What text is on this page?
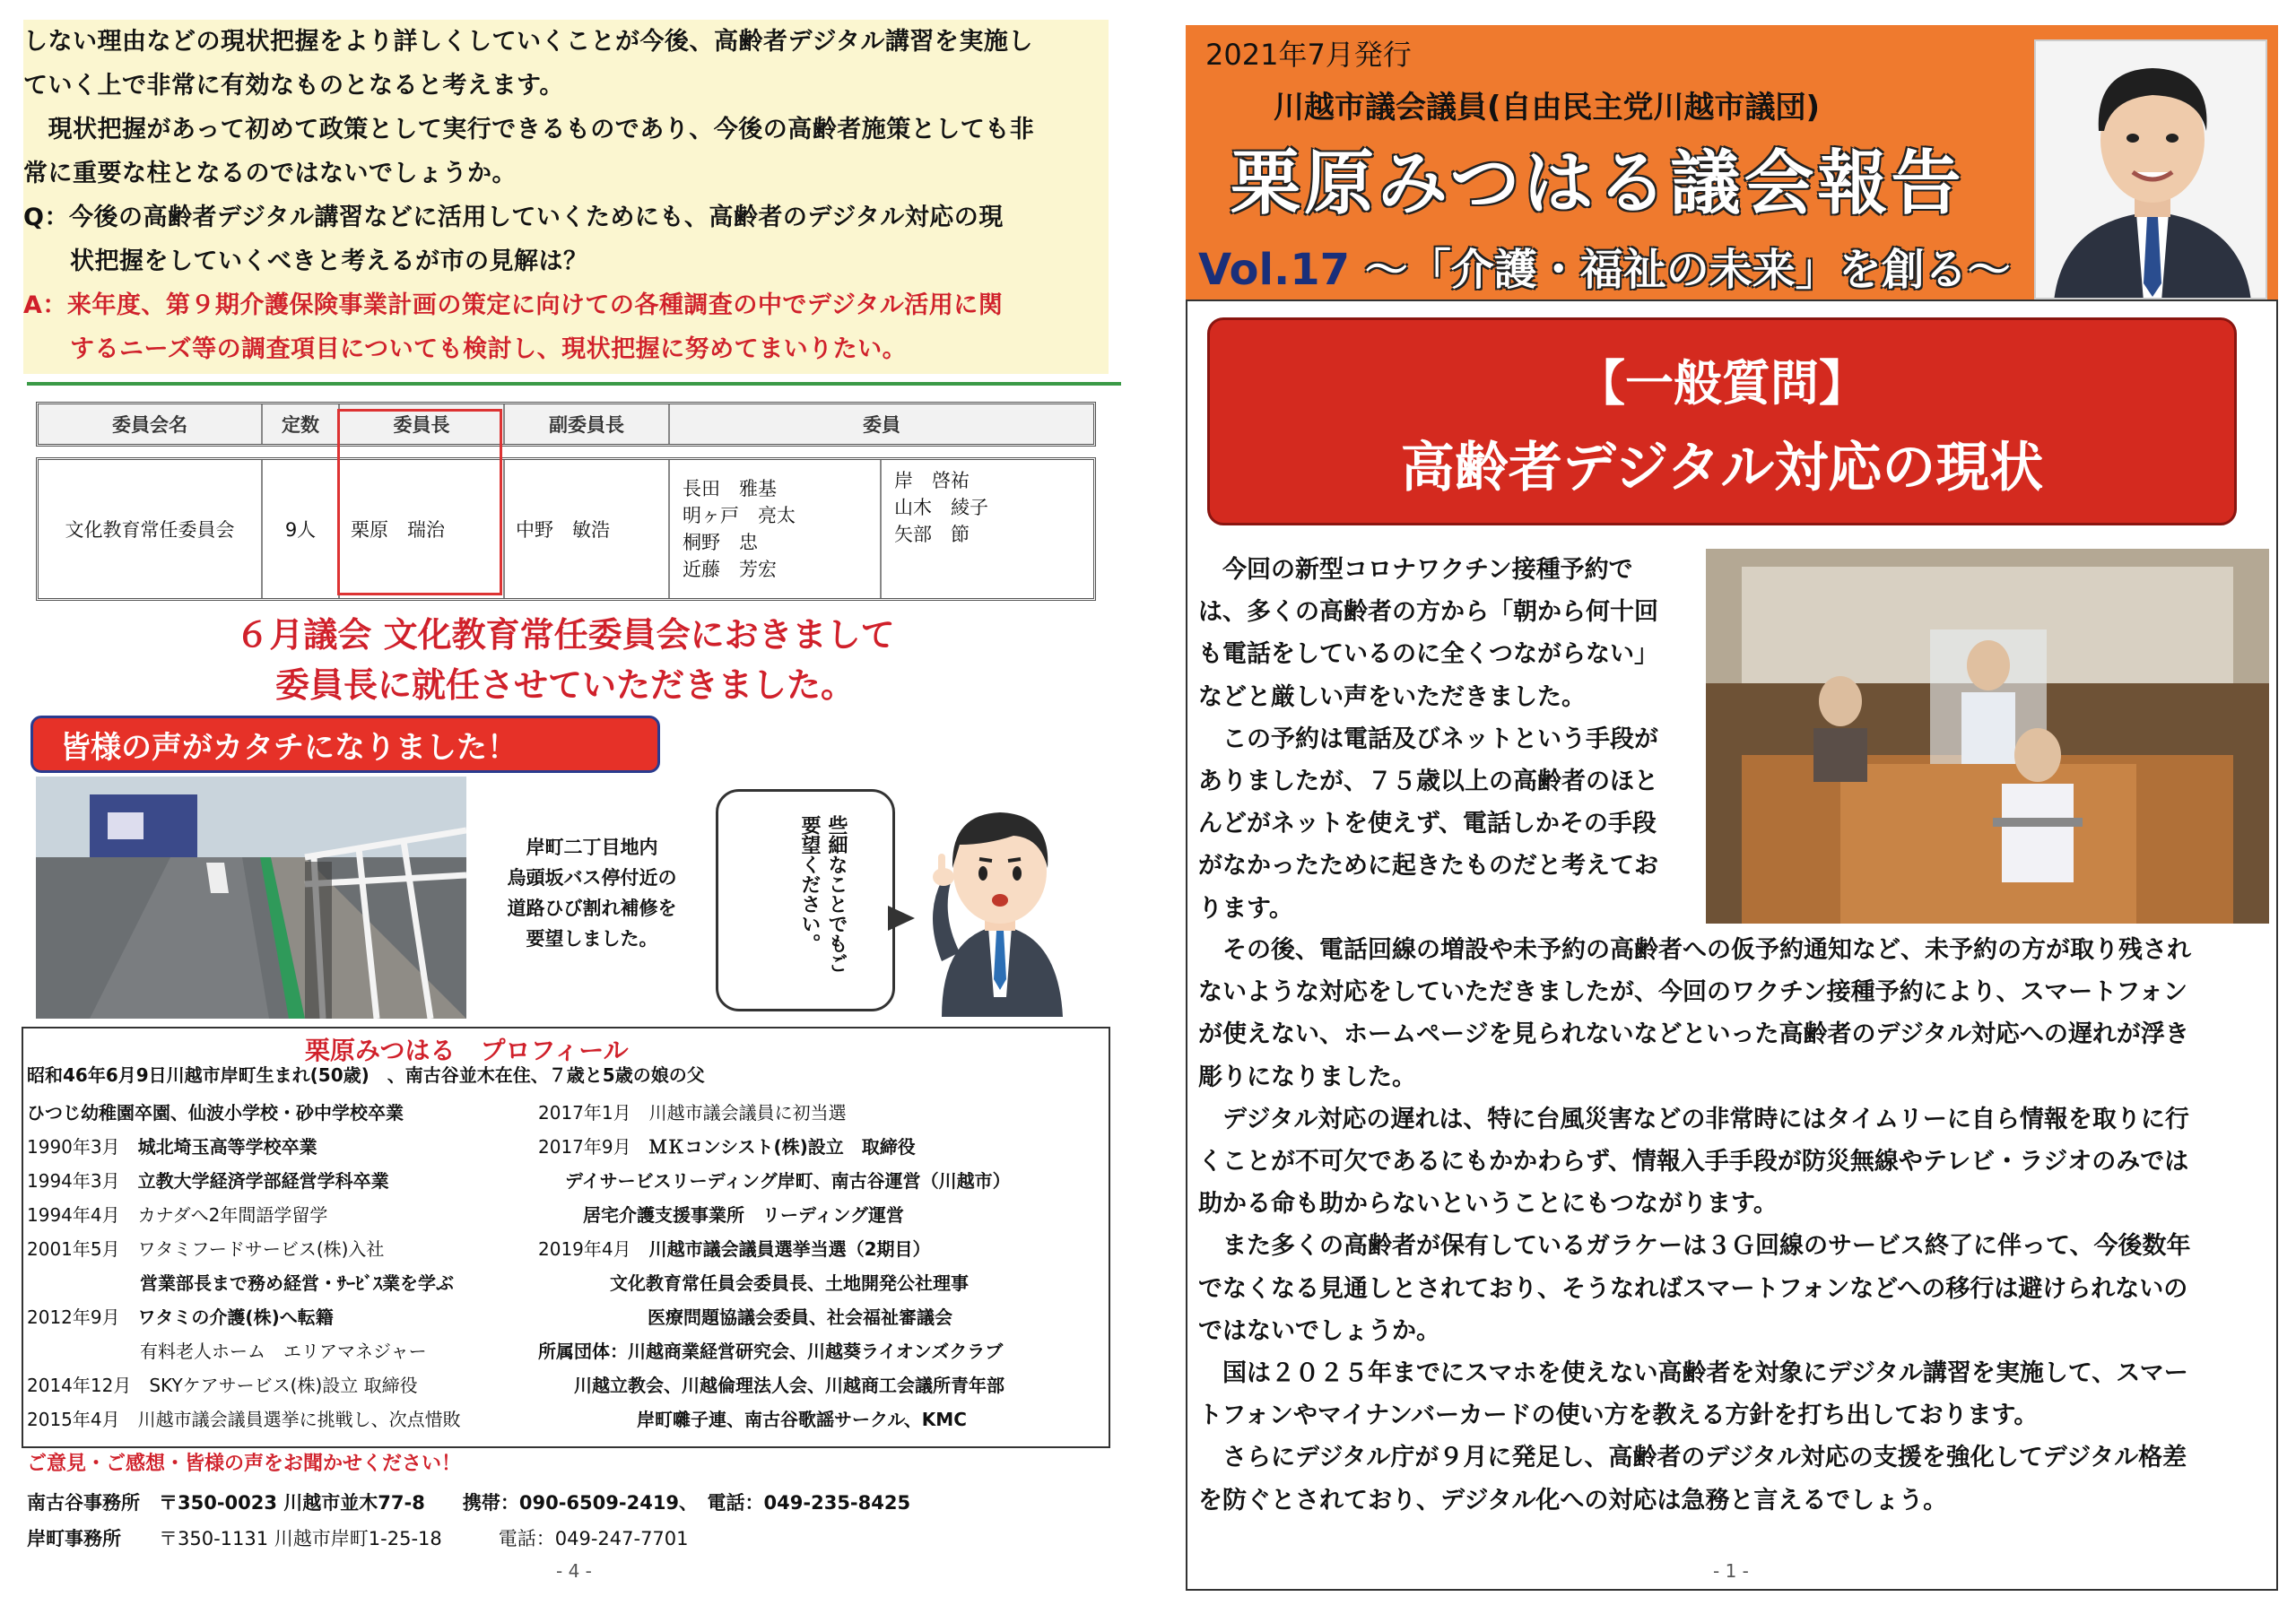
しない理由などの現状把握をより詳しくしていくことが今後、高齢者デジタル講習を実施し

ていく上で非常に有効なものとなると考えます。

　現状把握があって初めて政策として実行できるものであり、今後の高齢者施策としても非

常に重要な柱となるのではないでしょうか。

Q：今後の高齢者デジタル講習などに活用していくためにも、高齢者のデジタル対応の現

状把握をしていくべきと考えるが市の見解は？

A：来年度、第９期介護保険事業計画の策定に向けての各種調査の中でデジタル活用に関

するニーズ等の調査項目についても検討し、現状把握に努めてまいりたい。

委員会名	定数	委員長	副委員長	委員
文化教育常任委員会	9人	栗原　瑞治	中野　敏浩
長田　雅基
明ヶ戸　亮太
桐野　忠
近藤　芳宏
岸　啓祐
山木　綾子
矢部　節
６月議会 文化教育常任委員会におきまして
委員長に就任させていただきました。
皆様の声がカタチになりました！
岸町二丁目地内
烏頭坂バス停付近の
道路ひび割れ補修を
要望しました。	些細なことでもご要望ください。
栗原みつはる　プロフィール
昭和46年6月9日川越市岸町生まれ(50歳)　、南古谷並木在住、７歳と5歳の娘の父
ひつじ幼稚園卒園、仙波小学校・砂中学校卒業
1990年3月　 城北埼玉高等学校卒業
1994年3月　 立教大学経済学部経営学科卒業
1994年4月　 カナダへ2年間語学留学
2001年5月　 ワタミフードサービス(株)入社
営業部長まで務め経営・ｻｰﾋﾞｽ業を学ぶ
2012年9月　 ワタミの介護(株)へ転籍
有料老人ホーム　エリアマネジャー
2014年12月　 SKYケアサービス(株)設立 取締役
2015年4月　 川越市議会議員選挙に挑戦し、次点惜敗
2017年1月　 川越市議会議員に初当選
2017年9月　 ＭＫコンシスト(株)設立　取締役
デイサービスリーディング岸町、南古谷運営（川越市）
居宅介護支援事業所　リーディング運営
2019年4月　 川越市議会議員選挙当選（2期目）
文化教育常任員会委員長、土地開発公社理事
医療問題協議会委員、社会福祉審議会
所属団体：川越商業経営研究会、川越葵ライオンズクラブ
川越立教会、川越倫理法人会、川越商工会議所青年部
岸町囃子連、南古谷歌謡サークル、KMC
ご意見・ご感想・皆様の声をお聞かせください！
南古谷事務所　 〒350-0023 川越市並木77-8　　 携帯：090-6509-2419、　 電話：049-235-8425
岸町事務所　　 〒350-1131 川越市岸町1-25-18　　　	電話：049-247-7701
- 4 -
2021年7月発行
川越市議会議員(自由民主党川越市議団)
栗原みつはる議会報告
Vol.17 ～「介護・福祉の未来」を創る～
【一般質問】
高齢者デジタル対応の現状

　今回の新型コロナワクチン接種予約で

は、多くの高齢者の方から「朝から何十回

も電話をしているのに全くつながらない」

などと厳しい声をいただきました。

　この予約は電話及びネットという手段が

ありましたが、７５歳以上の高齢者のほと

んどがネットを使えず、電話しかその手段

がなかったために起きたものだと考えてお

ります。

　その後、電話回線の増設や未予約の高齢者への仮予約通知など、未予約の方が取り残され

ないような対応をしていただきましたが、今回のワクチン接種予約により、スマートフォン

が使えない、ホームページを見られないなどといった高齢者のデジタル対応への遅れが浮き

彫りになりました。

　デジタル対応の遅れは、特に台風災害などの非常時にはタイムリーに自ら情報を取りに行

くことが不可欠であるにもかかわらず、情報入手手段が防災無線やテレビ・ラジオのみでは

助かる命も助からないということにもつながります。

　また多くの高齢者が保有しているガラケーは３Ｇ回線のサービス終了に伴って、今後数年

でなくなる見通しとされており、そうなればスマートフォンなどへの移行は避けられないの

ではないでしょうか。

　国は２０２５年までにスマホを使えない高齢者を対象にデジタル講習を実施して、スマー

トフォンやマイナンバーカードの使い方を教える方針を打ち出しております。

　さらにデジタル庁が９月に発足し、高齢者のデジタル対応の支援を強化してデジタル格差

を防ぐとされており、デジタル化への対応は急務と言えるでしょう。

- 1 -
